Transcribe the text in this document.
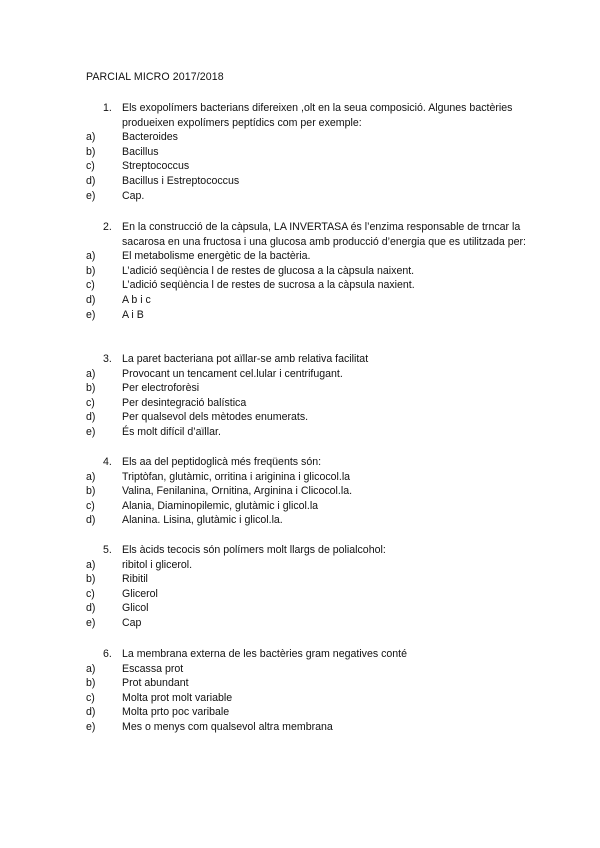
PARCIAL MICRO 2017/2018
1. Els exopolímers bacterians difereixen ,olt en la seua composició. Algunes bactèries produeixen expolímers peptídics com per exemple:
a)	Bacteroides
b)	Bacillus
c)	Streptococcus
d)	Bacillus i Estreptococcus
e)	Cap.
2. En la construcció de la càpsula, LA INVERTASA és l’enzima responsable de trncar la sacarosa en una fructosa i una glucosa amb producció d’energia que es utilitzada per:
a)	El metabolisme energètic de la bactèria.
b)	L’adició seqüència l de restes de glucosa a la càpsula naixent.
c)	L’adició seqüència l de restes de sucrosa a la càpsula naxient.
d)	A b i c
e)	A i B
3. La paret bacteriana pot aïllar-se amb relativa facilitat
a)	Provocant un tencament cel.lular i centrifugant.
b)	Per electroforèsi
c)	Per desintegració balística
d)	Per qualsevol dels mètodes enumerats.
e)	És molt difícil d’aïllar.
4. Els aa del peptidoglicà més freqüents són:
a)	Triptòfan, glutàmic, orritina i ariginina i glicocol.la
b)	Valina, Fenilanina, Ornitina, Arginina i Clicocol.la.
c)	Alania, Diaminopilemic, glutàmic i glicol.la
d)	Alanina. Lisina, glutàmic i glicol.la.
5. Els àcids tecocis són polímers molt llargs de polialcohol:
a)	ribitol i glicerol.
b)	Ribitil
c)	Glicerol
d)	Glicol
e)	Cap
6. La membrana externa de les bactèries gram negatives conté
a)	Escassa prot
b)	Prot abundant
c)	Molta prot molt variable
d)	Molta prto poc varibale
e)	Mes o menys com qualsevol altra membrana
